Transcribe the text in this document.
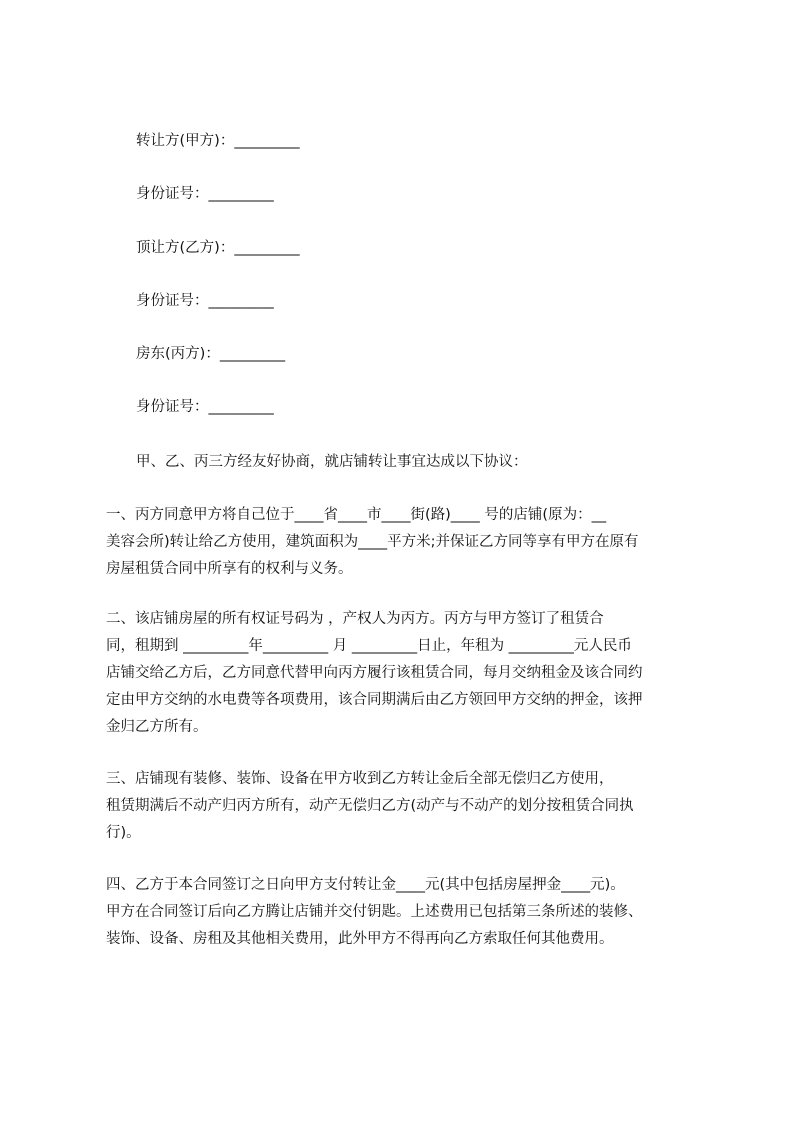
转让方(甲方)：_________
身份证号：_________
顶让方(乙方)：_________
身份证号：_________
房东(丙方)：_________
身份证号：_________
甲、乙、丙三方经友好协商，就店铺转让事宜达成以下协议：
一、丙方同意甲方将自己位于____省____市____街(路)____ 号的店铺(原为：__
美容会所)转让给乙方使用，建筑面积为____平方米;并保证乙方同等享有甲方在原有
房屋租赁合同中所享有的权利与义务。
二、该店铺房屋的所有权证号码为 ，产权人为丙方。丙方与甲方签订了租赁合
同，租期到 _________年_________ 月 _________日止，年租为 _________元人民币
店铺交给乙方后，乙方同意代替甲向丙方履行该租赁合同，每月交纳租金及该合同约
定由甲方交纳的水电费等各项费用，该合同期满后由乙方领回甲方交纳的押金，该押
金归乙方所有。
三、店铺现有装修、装饰、设备在甲方收到乙方转让金后全部无偿归乙方使用，
租赁期满后不动产归丙方所有，动产无偿归乙方(动产与不动产的划分按租赁合同执
行)。
四、乙方于本合同签订之日向甲方支付转让金____元(其中包括房屋押金____元)。
甲方在合同签订后向乙方腾让店铺并交付钥匙。上述费用已包括第三条所述的装修、
装饰、设备、房租及其他相关费用，此外甲方不得再向乙方索取任何其他费用。
